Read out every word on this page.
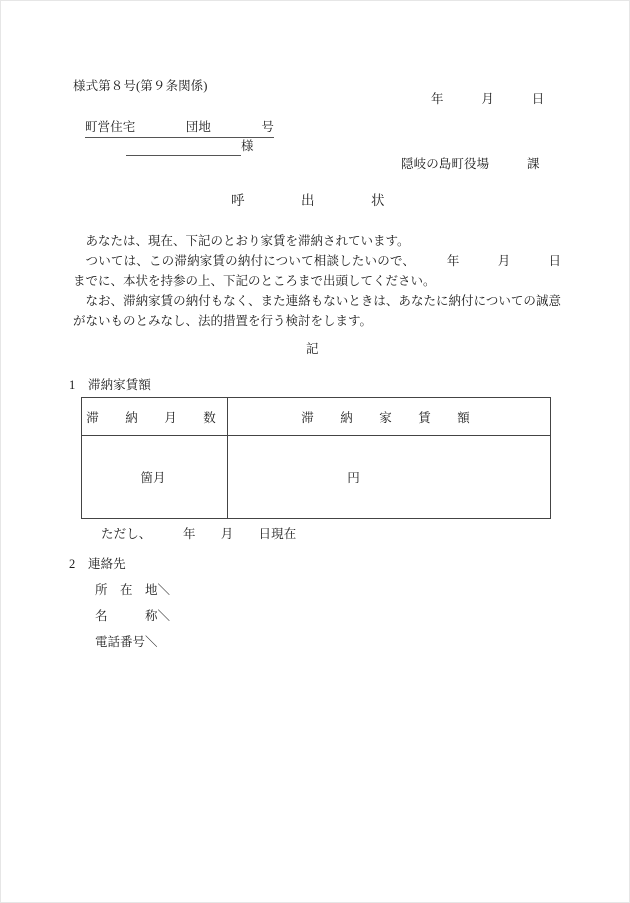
様式第８号(第９条関係)
年　　　月　　　日
町営住宅　　　　団地　　　　号

様
隠岐の島町役場　　　課
呼　　　　出　　　　状

あなたは、現在、下記のとおり家賃を滞納されています。

ついては、この滞納家賃の納付について相談したいので、　　　年　　　月　　　日までに、本状を持参の上、下記のところまで出頭してください。

なお、滞納家賃の納付もなく、また連絡もないときは、あなたに納付についての誠意がないものとみなし、法的措置を行う検討をします。

記
1　 滞納家賃額
滞　納　月　数	滞　納　家　賃　額
箇月	円
ただし、　　　年　　月　　日現在
2　 連絡先
所　在　地＼
名　　　称＼
電話番号＼
